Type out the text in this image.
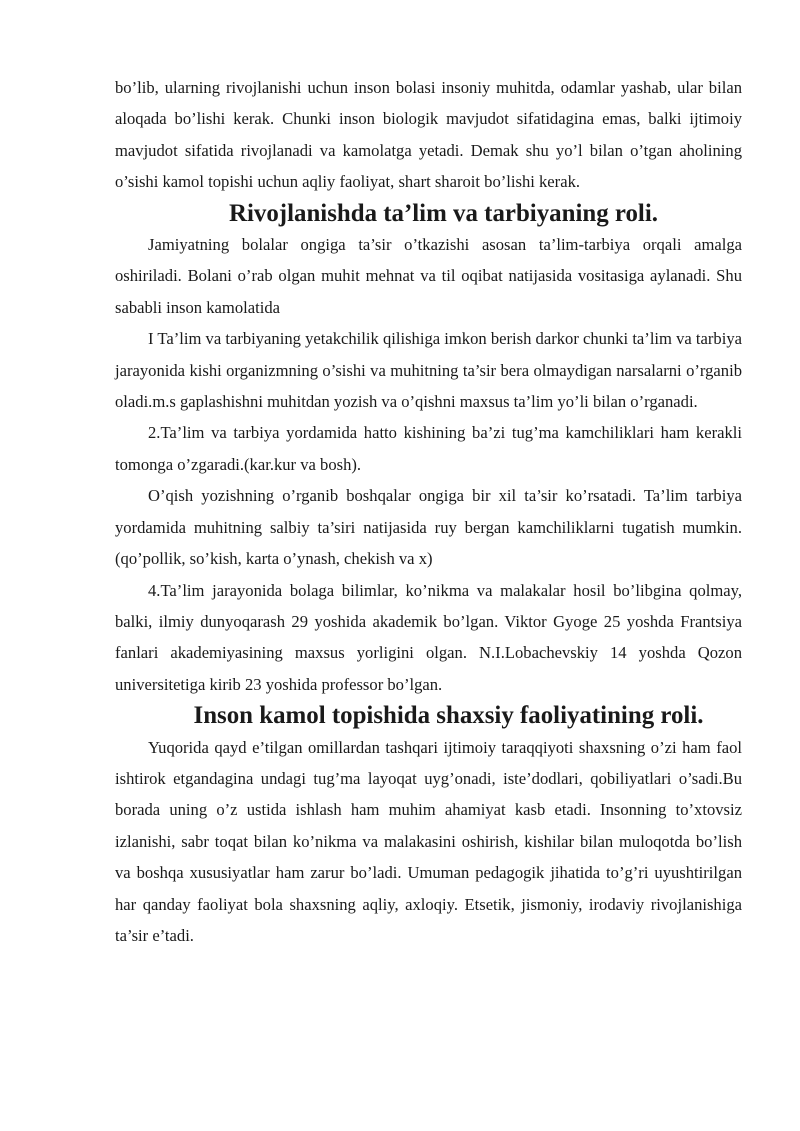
bo’lib, ularning rivojlanishi uchun inson bolasi insoniy muhitda, odamlar yashab, ular bilan aloqada bo’lishi kerak. Chunki inson biologik mavjudot sifatidagina emas, balki ijtimoiy mavjudot sifatida rivojlanadi va kamolatga yetadi. Demak shu yo’l bilan o’tgan aholining o’sishi kamol topishi uchun aqliy faoliyat, shart sharoit bo’lishi kerak.

Rivojlanishda ta’lim va tarbiyaning roli.

Jamiyatning bolalar ongiga ta’sir o’tkazishi asosan ta’lim-tarbiya orqali amalga oshiriladi. Bolani o’rab olgan muhit mehnat va til oqibat natijasida vositasiga aylanadi. Shu sababli inson kamolatida

I Ta’lim va tarbiyaning yetakchilik qilishiga imkon berish darkor chunki ta’lim va tarbiya jarayonida kishi organizmning o’sishi va muhitning ta’sir bera olmaydigan narsalarni o’rganib oladi.m.s gaplashishni muhitdan yozish va o’qishni maxsus ta’lim yo’li bilan o’rganadi.

2.Ta’lim va tarbiya yordamida hatto kishining ba’zi tug’ma kamchiliklari ham kerakli tomonga o’zgaradi.(kar.kur va bosh).

O’qish yozishning o’rganib boshqalar ongiga bir xil ta’sir ko’rsatadi. Ta’lim tarbiya yordamida muhitning salbiy ta’siri natijasida ruy bergan kamchiliklarni tugatish mumkin.(qo’pollik, so’kish, karta o’ynash, chekish va x)

4.Ta’lim jarayonida bolaga bilimlar, ko’nikma va malakalar hosil bo’libgina qolmay, balki, ilmiy dunyoqarash 29 yoshida akademik bo’lgan. Viktor Gyoge 25 yoshda Frantsiya fanlari akademiyasining maxsus yorligini olgan. N.I.Lobachevskiy 14 yoshda Qozon universitetiga kirib 23 yoshida professor bo’lgan.

Inson kamol topishida shaxsiy faoliyatining roli.

Yuqorida qayd e’tilgan omillardan tashqari ijtimoiy taraqqiyoti shaxsning o’zi ham faol ishtirok etgandagina undagi tug’ma layoqat uyg’onadi, iste’dodlari, qobiliyatlari o’sadi.Bu borada uning o’z ustida ishlash ham muhim ahamiyat kasb etadi. Insonning to’xtovsiz izlanishi, sabr toqat bilan ko’nikma va malakasini oshirish, kishilar bilan muloqotda bo’lish va boshqa xususiyatlar ham zarur bo’ladi. Umuman pedagogik jihatida to’g’ri uyushtirilgan har qanday faoliyat bola shaxsning aqliy, axloqiy. Etsetik, jismoniy, irodaviy rivojlanishiga ta’sir e’tadi.
